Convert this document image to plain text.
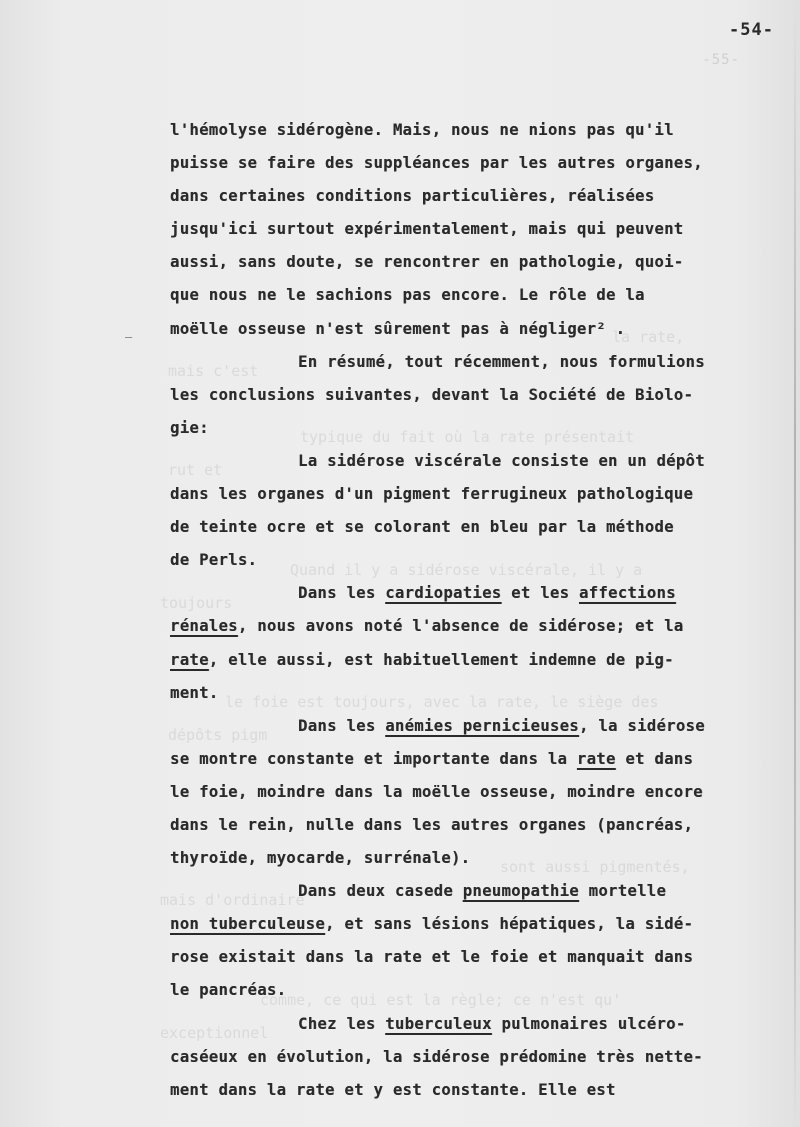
-54-
-55-
—	la rate,
mais c'est
typique du fait où la rate présentait
rut et
Quand il y a sidérose viscérale, il y a
toujours
le foie est toujours, avec la rate, le siège des
dépôts pigm
sont aussi pigmentés,
mais d'ordinaire
comme, ce qui est la règle; ce n'est qu'
exceptionnel
l'hémolyse sidérogène. Mais, nous ne nions pas qu'il
puisse se faire des suppléances par les autres organes,
dans certaines conditions particulières, réalisées
jusqu'ici surtout expérimentalement, mais qui peuvent
aussi, sans doute, se rencontrer en pathologie, quoi-
que nous ne le sachions pas encore. Le rôle de la
moëlle osseuse n'est sûrement pas à négliger² .
En résumé, tout récemment, nous formulions
les conclusions suivantes, devant la Société de Biolo-
gie:
La sidérose viscérale consiste en un dépôt
dans les organes d'un pigment ferrugineux pathologique
de teinte ocre et se colorant en bleu par la méthode
de Perls.
Dans les cardiopaties et les affections
rénales, nous avons noté l'absence de sidérose; et la
rate, elle aussi, est habituellement indemne de pig-
ment.
Dans les anémies pernicieuses, la sidérose
se montre constante et importante dans la rate et dans
le foie, moindre dans la moëlle osseuse, moindre encore
dans le rein, nulle dans les autres organes (pancréas,
thyroïde, myocarde, surrénale).
Dans deux casede pneumopathie mortelle
non tuberculeuse, et sans lésions hépatiques, la sidé-
rose existait dans la rate et le foie et manquait dans
le pancréas.
Chez les tuberculeux pulmonaires ulcéro-
caséeux en évolution, la sidérose prédomine très nette-
ment dans la rate et y est constante. Elle est
